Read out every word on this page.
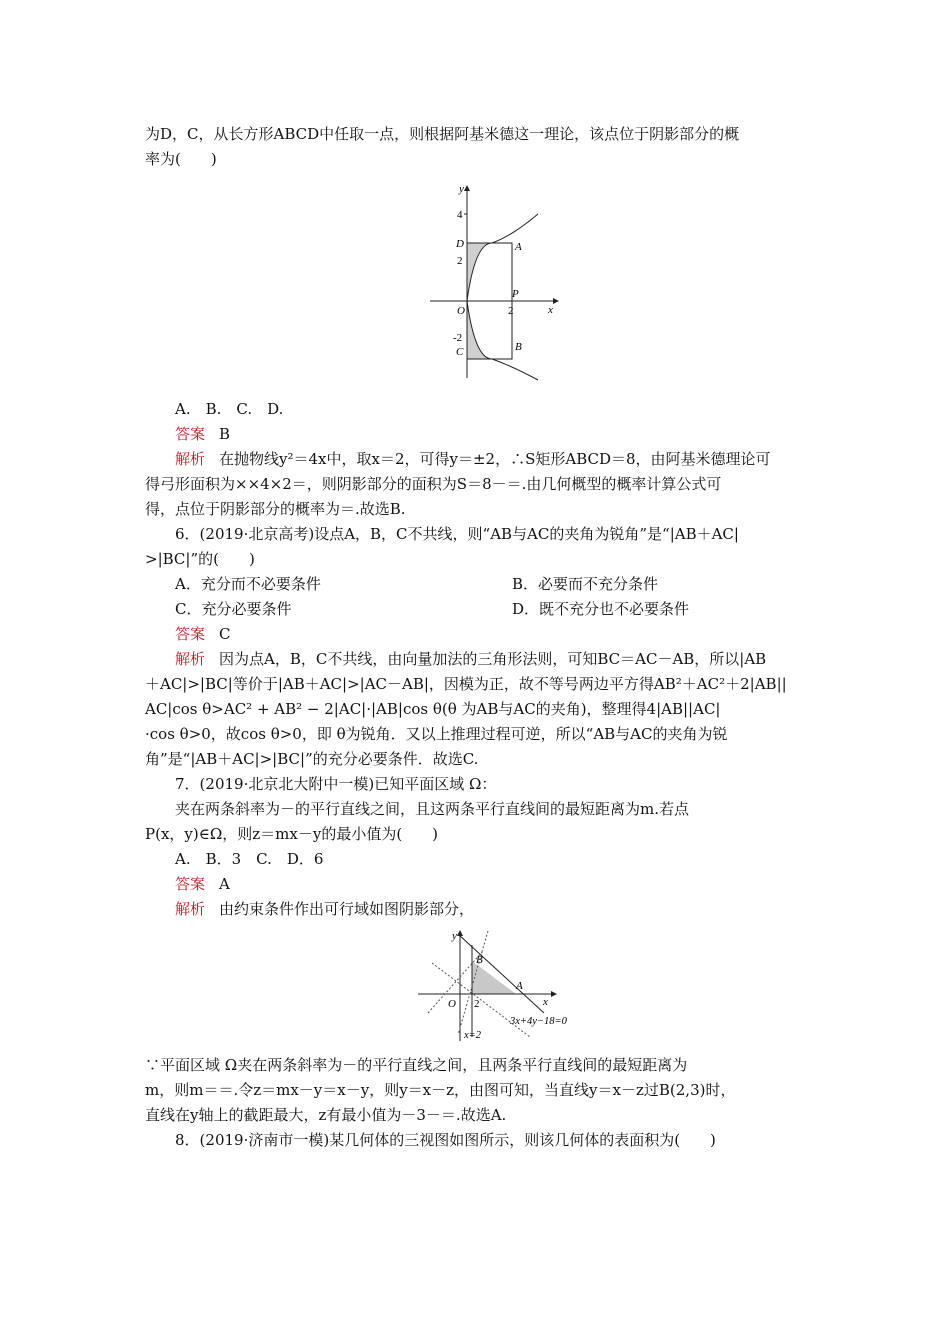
为D，C，从长方形ABCD中任取一点，则根据阿基米德这一理论，该点位于阴影部分的概
率为(　　)
y
x
O
4
2
-2
2
D	A
P
C	B
A.　B.　C.　D.
答案 B
解析 在抛物线y²＝4x中，取x＝2，可得y＝±2，∴S矩形ABCD＝8，由阿基米德理论可
得弓形面积为××4×2＝，则阴影部分的面积为S＝8－＝.由几何概型的概率计算公式可
得，点位于阴影部分的概率为＝.故选B.
6．(2019·北京高考)设点A，B，C不共线，则“AB与AC的夹角为锐角”是“|AB＋AC|
>|BC|”的(　　)
A．充分而不必要条件	B．必要而不充分条件
C．充分必要条件	D．既不充分也不必要条件
答案 C
解析 因为点A，B，C不共线，由向量加法的三角形法则，可知BC＝AC－AB，所以|AB
＋AC|>|BC|等价于|AB＋AC|>|AC－AB|，因模为正，故不等号两边平方得AB²＋AC²＋2|AB||
AC|cos θ>AC² + AB² − 2|AC|·|AB|cos θ(θ 为AB与AC的夹角)，整理得4|AB||AC|
·cos θ>0，故cos θ>0，即 θ为锐角．又以上推理过程可逆，所以“AB与AC的夹角为锐
角”是“|AB＋AC|>|BC|”的充分必要条件．故选C.
7．(2019·北京北大附中一模)已知平面区域 Ω：
夹在两条斜率为－的平行直线之间，且这两条平行直线间的最短距离为m.若点
P(x，y)∈Ω，则z＝mx－y的最小值为(　　)
A.　B．3　C.　D．6
答案 A
解析 由约束条件作出可行域如图阴影部分，
y
x
O 2
B
A
3x+4y−18=0
x=2
∵平面区域 Ω夹在两条斜率为－的平行直线之间，且两条平行直线间的最短距离为
m，则m＝＝.令z＝mx－y＝x－y，则y＝x－z，由图可知，当直线y＝x－z过B(2,3)时，
直线在y轴上的截距最大，z有最小值为－3－＝.故选A.
8．(2019·济南市一模)某几何体的三视图如图所示，则该几何体的表面积为(　　)
